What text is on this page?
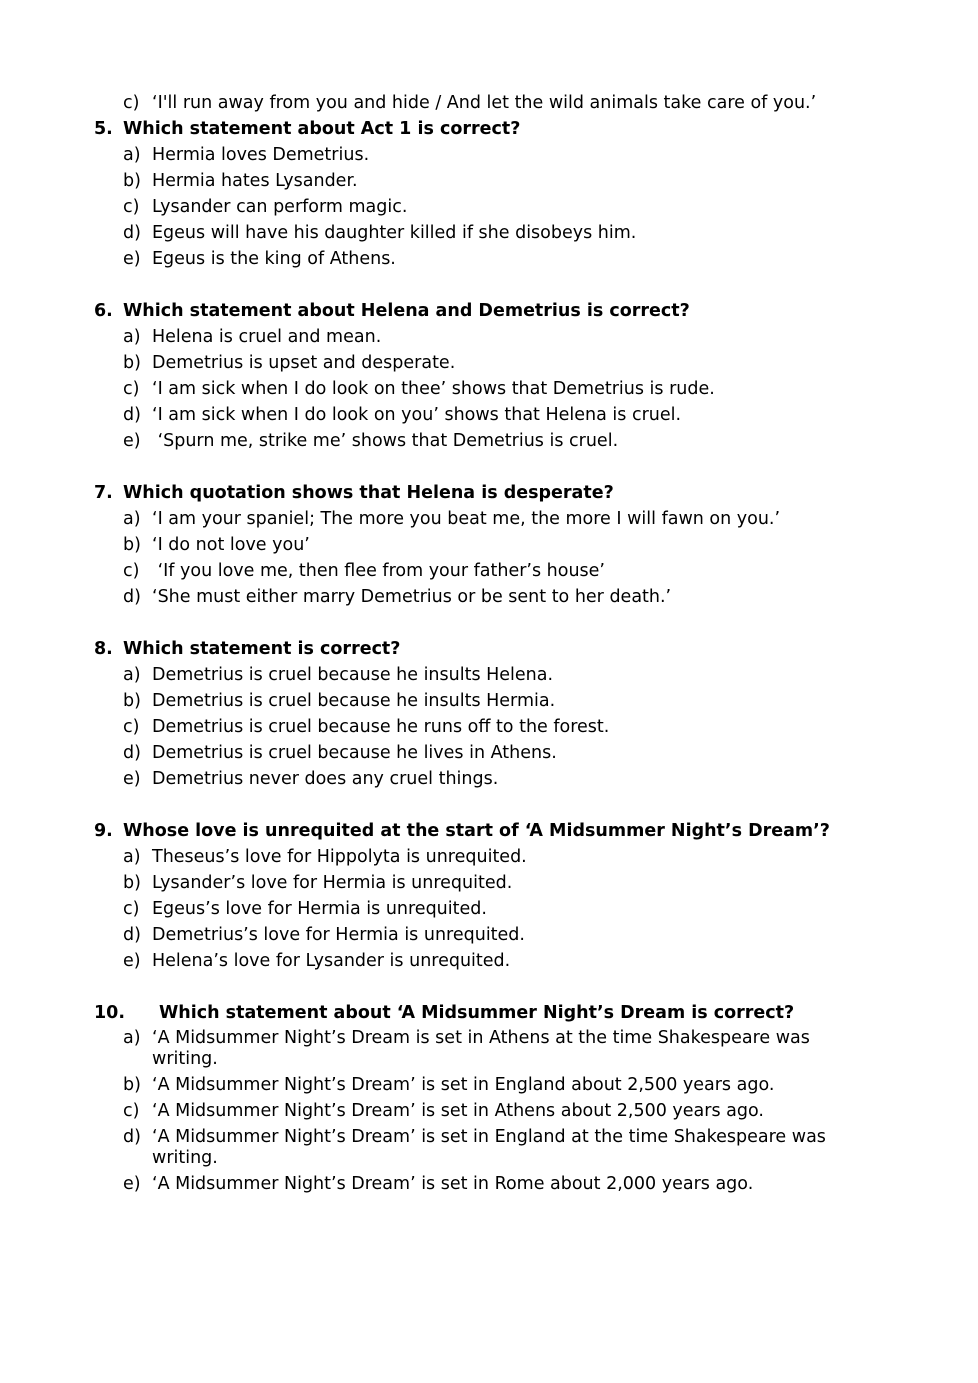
c) ‘I'll run away from you and hide / And let the wild animals take care of you.’
5. Which statement about Act 1 is correct?
a) Hermia loves Demetrius.
b) Hermia hates Lysander.
c) Lysander can perform magic.
d) Egeus will have his daughter killed if she disobeys him.
e) Egeus is the king of Athens.
6. Which statement about Helena and Demetrius is correct?
a) Helena is cruel and mean.
b) Demetrius is upset and desperate.
c) ‘I am sick when I do look on thee’ shows that Demetrius is rude.
d) ‘I am sick when I do look on you’ shows that Helena is cruel.
e) ‘Spurn me, strike me’ shows that Demetrius is cruel.
7. Which quotation shows that Helena is desperate?
a) ‘I am your spaniel; The more you beat me, the more I will fawn on you.’
b) ‘I do not love you’
c) ‘If you love me, then flee from your father’s house’
d) ‘She must either marry Demetrius or be sent to her death.’
8. Which statement is correct?
a) Demetrius is cruel because he insults Helena.
b) Demetrius is cruel because he insults Hermia.
c) Demetrius is cruel because he runs off to the forest.
d) Demetrius is cruel because he lives in Athens.
e) Demetrius never does any cruel things.
9. Whose love is unrequited at the start of ‘A Midsummer Night’s Dream’?
a) Theseus’s love for Hippolyta is unrequited.
b) Lysander’s love for Hermia is unrequited.
c) Egeus’s love for Hermia is unrequited.
d) Demetrius’s love for Hermia is unrequited.
e) Helena’s love for Lysander is unrequited.
10. Which statement about ‘A Midsummer Night’s Dream is correct?
a) ‘A Midsummer Night’s Dream is set in Athens at the time Shakespeare was
writing.
b) ‘A Midsummer Night’s Dream’ is set in England about 2,500 years ago.
c) ‘A Midsummer Night’s Dream’ is set in Athens about 2,500 years ago.
d) ‘A Midsummer Night’s Dream’ is set in England at the time Shakespeare was
writing.
e) ‘A Midsummer Night’s Dream’ is set in Rome about 2,000 years ago.
